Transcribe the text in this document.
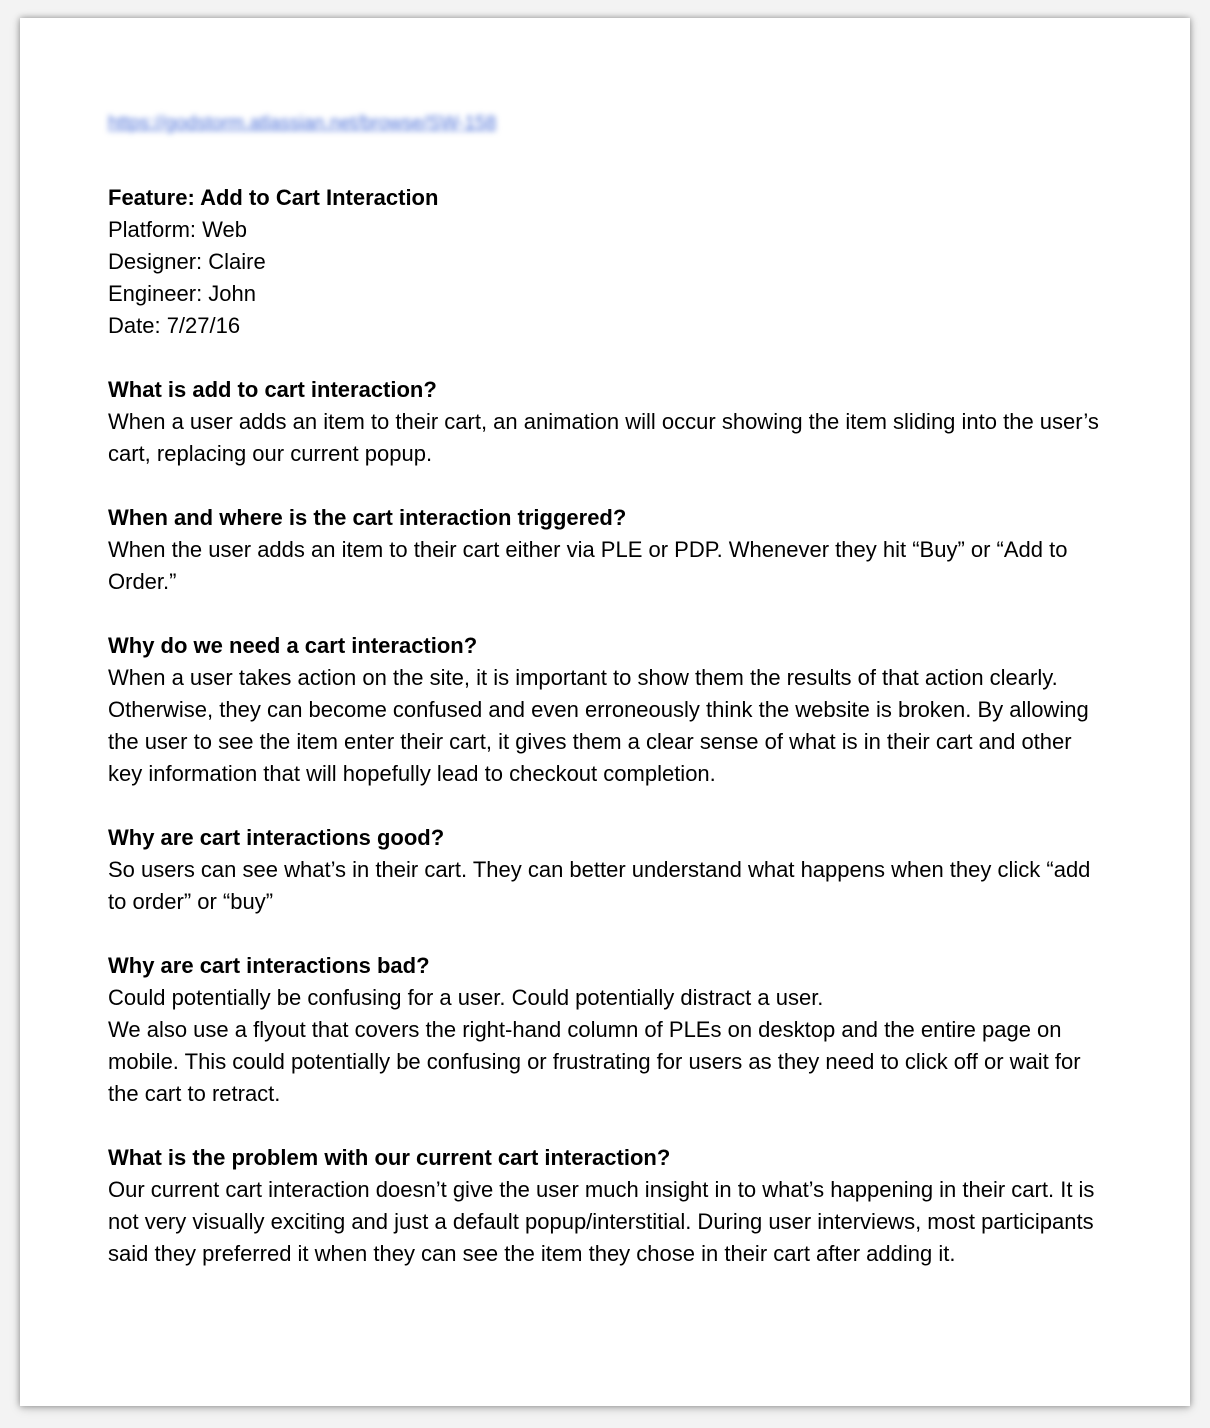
https://godstorm.atlassian.net/browse/SW-158

Feature: Add to Cart Interaction

Platform: Web

Designer: Claire

Engineer: John

Date: 7/27/16

What is add to cart interaction?

When a user adds an item to their cart, an animation will occur showing the item sliding into the user’s cart, replacing our current popup.

When and where is the cart interaction triggered?

When the user adds an item to their cart either via PLE or PDP. Whenever they hit “Buy” or “Add to Order.”

Why do we need a cart interaction?

When a user takes action on the site, it is important to show them the results of that action clearly. Otherwise, they can become confused and even erroneously think the website is broken. By allowing the user to see the item enter their cart, it gives them a clear sense of what is in their cart and other key information that will hopefully lead to checkout completion.

Why are cart interactions good?

So users can see what’s in their cart. They can better understand what happens when they click “add to order” or “buy”

Why are cart interactions bad?

Could potentially be confusing for a user. Could potentially distract a user.

We also use a flyout that covers the right-hand column of PLEs on desktop and the entire page on mobile. This could potentially be confusing or frustrating for users as they need to click off or wait for the cart to retract.

What is the problem with our current cart interaction?

Our current cart interaction doesn’t give the user much insight in to what’s happening in their cart. It is not very visually exciting and just a default popup/interstitial. During user interviews, most participants said they preferred it when they can see the item they chose in their cart after adding it.
